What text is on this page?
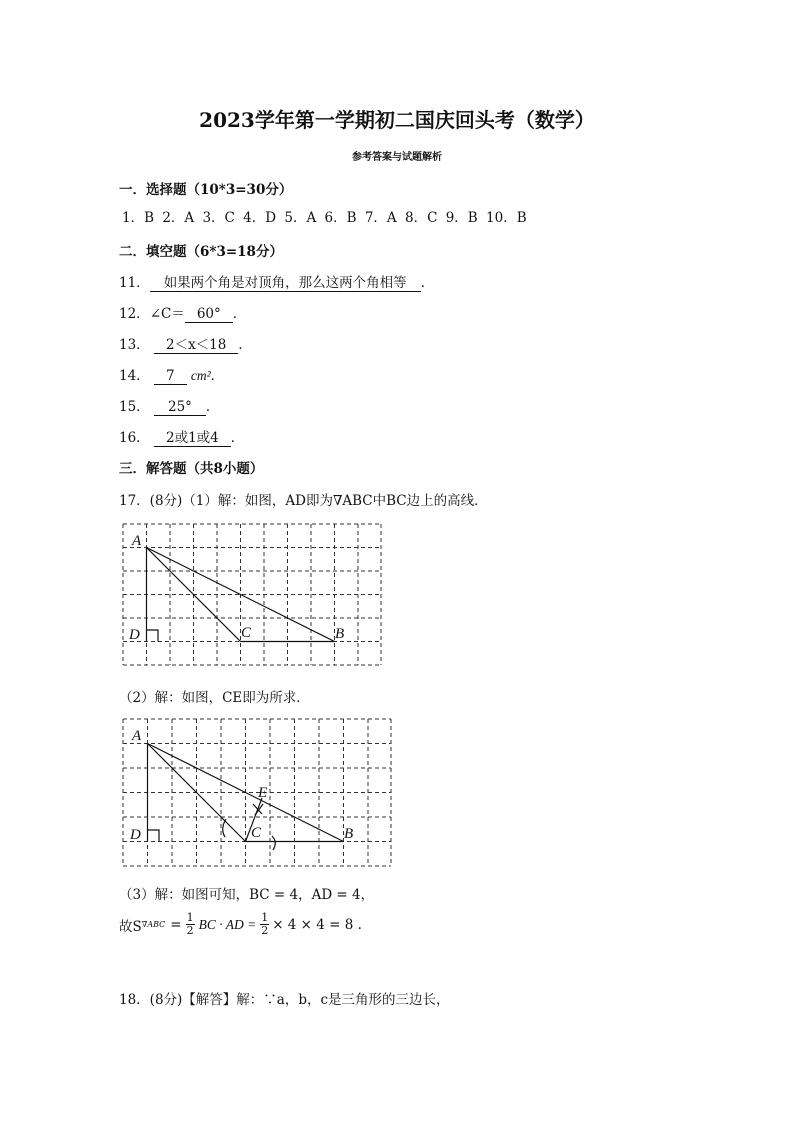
2023学年第一学期初二国庆回头考（数学）
参考答案与试题解析
一．选择题（10*3=30分）
1．B 2．A 3．C 4．D 5．A 6．B 7．A 8．C 9．B 10．B
二．填空题（6*3=18分）
11． 如果两个角是对顶角，那么这两个角相等 ．
12．∠C＝ 60° ．
13． 2＜x＜18 ．
14． 7 cm²．
15． 25° ．
16． 2或1或4 ．
三．解答题（共8小题）
17．(8分)（1）解：如图，AD即为∇ABC中BC边上的高线．
A
D	C	B
（2）解：如图，CE即为所求．
A
D	C
E
B
（3）解：如图可知，BC = 4，AD = 4，
故S $\nabla ABC = \frac{1}{2}$ BC · AD = $\frac{1}{2} \times 4 \times 4 = 8$ .
18．(8分)【解答】解：∵a，b，c是三角形的三边长，
